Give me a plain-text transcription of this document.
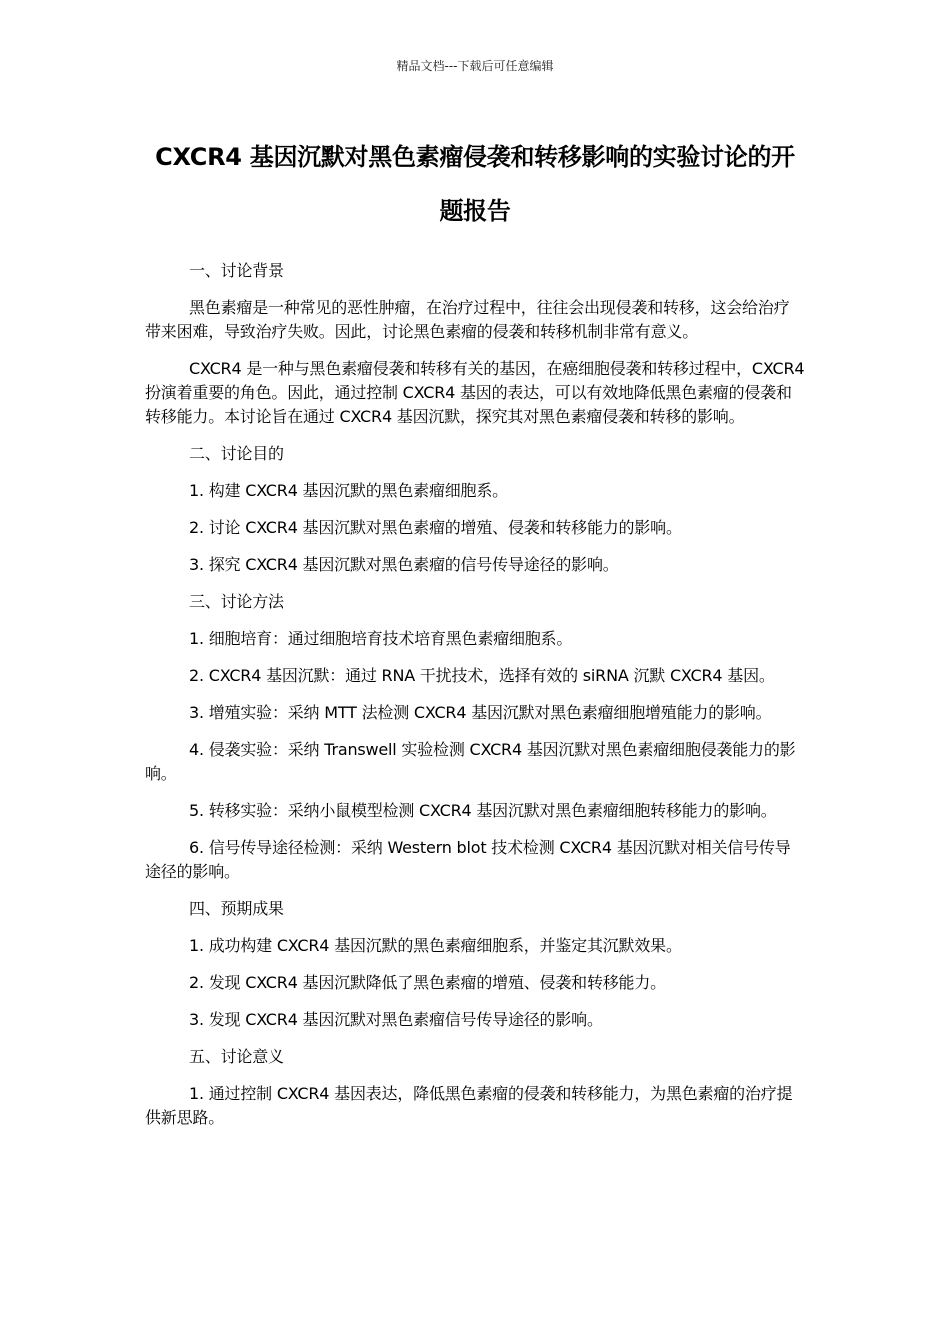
精品文档---下载后可任意编辑
CXCR4 基因沉默对黑色素瘤侵袭和转移影响的实验讨论的开题报告

一、讨论背景

黑色素瘤是一种常见的恶性肿瘤，在治疗过程中，往往会出现侵袭和转移，这会给治疗带来困难，导致治疗失败。因此，讨论黑色素瘤的侵袭和转移机制非常有意义。

CXCR4 是一种与黑色素瘤侵袭和转移有关的基因，在癌细胞侵袭和转移过程中，CXCR4 扮演着重要的角色。因此，通过控制 CXCR4 基因的表达，可以有效地降低黑色素瘤的侵袭和转移能力。本讨论旨在通过 CXCR4 基因沉默，探究其对黑色素瘤侵袭和转移的影响。

二、讨论目的

1. 构建 CXCR4 基因沉默的黑色素瘤细胞系。

2. 讨论 CXCR4 基因沉默对黑色素瘤的增殖、侵袭和转移能力的影响。

3. 探究 CXCR4 基因沉默对黑色素瘤的信号传导途径的影响。

三、讨论方法

1. 细胞培育：通过细胞培育技术培育黑色素瘤细胞系。

2. CXCR4 基因沉默：通过 RNA 干扰技术，选择有效的 siRNA 沉默 CXCR4 基因。

3. 增殖实验：采纳 MTT 法检测 CXCR4 基因沉默对黑色素瘤细胞增殖能力的影响。

4. 侵袭实验：采纳 Transwell 实验检测 CXCR4 基因沉默对黑色素瘤细胞侵袭能力的影响。

5. 转移实验：采纳小鼠模型检测 CXCR4 基因沉默对黑色素瘤细胞转移能力的影响。

6. 信号传导途径检测：采纳 Western blot 技术检测 CXCR4 基因沉默对相关信号传导途径的影响。

四、预期成果

1. 成功构建 CXCR4 基因沉默的黑色素瘤细胞系，并鉴定其沉默效果。

2. 发现 CXCR4 基因沉默降低了黑色素瘤的增殖、侵袭和转移能力。

3. 发现 CXCR4 基因沉默对黑色素瘤信号传导途径的影响。

五、讨论意义

1. 通过控制 CXCR4 基因表达，降低黑色素瘤的侵袭和转移能力，为黑色素瘤的治疗提供新思路。
